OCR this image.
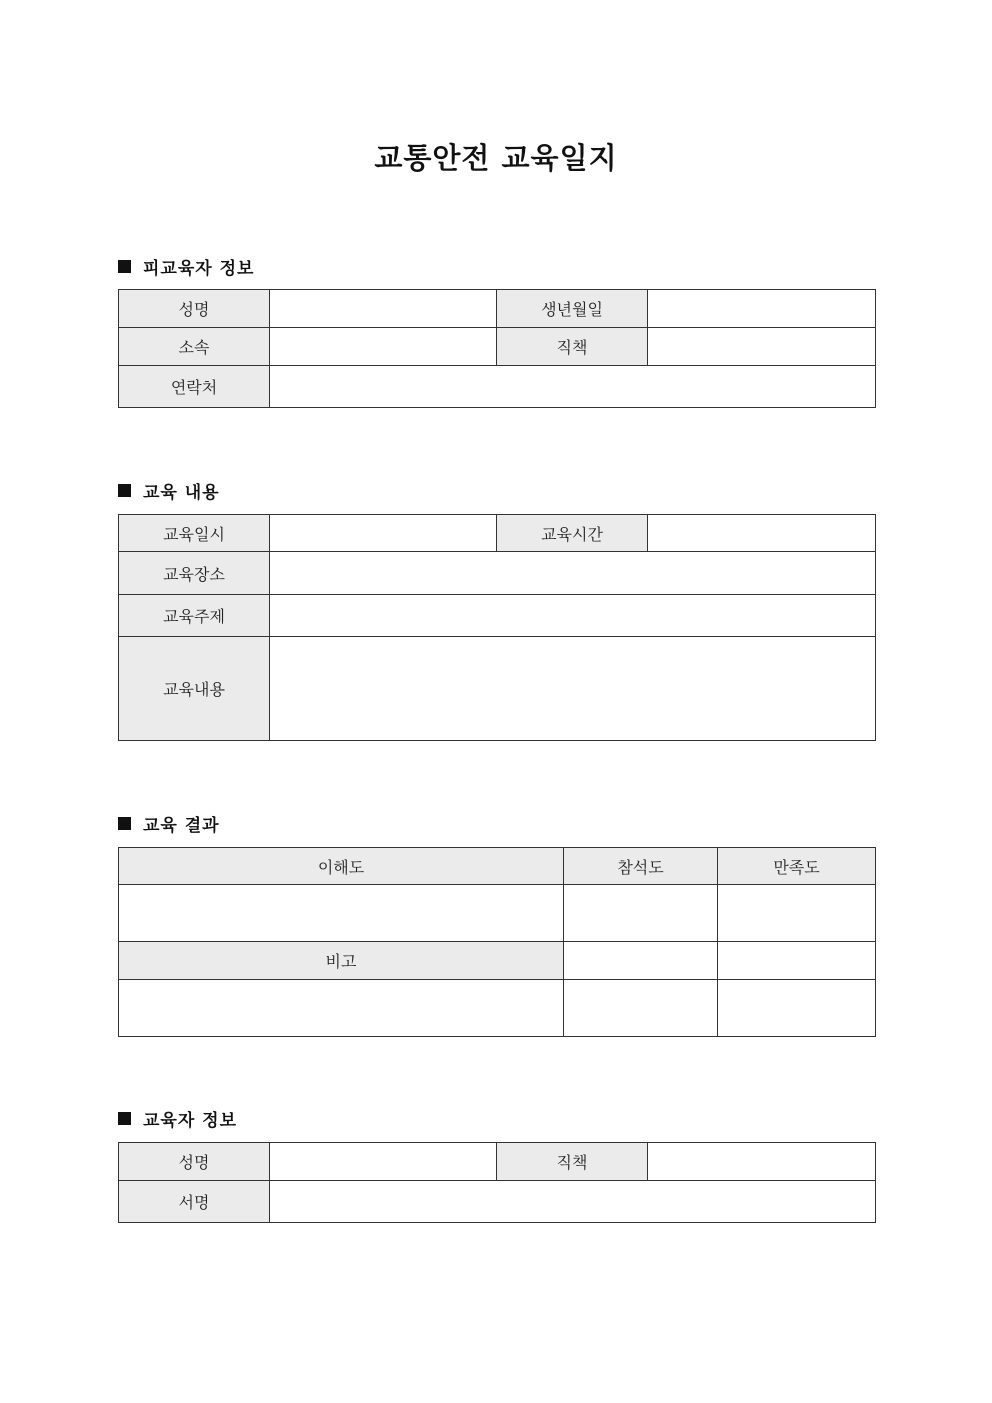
교통안전 교육일지
피교육자 정보
성명		생년월일	
소속		직책	
연락처			
교육 내용
교육일시		교육시간	
교육장소			
교육주제			
교육내용			
교육 결과
이해도	참석도	만족도

비고		

교육자 정보
성명		직책	
서명			
